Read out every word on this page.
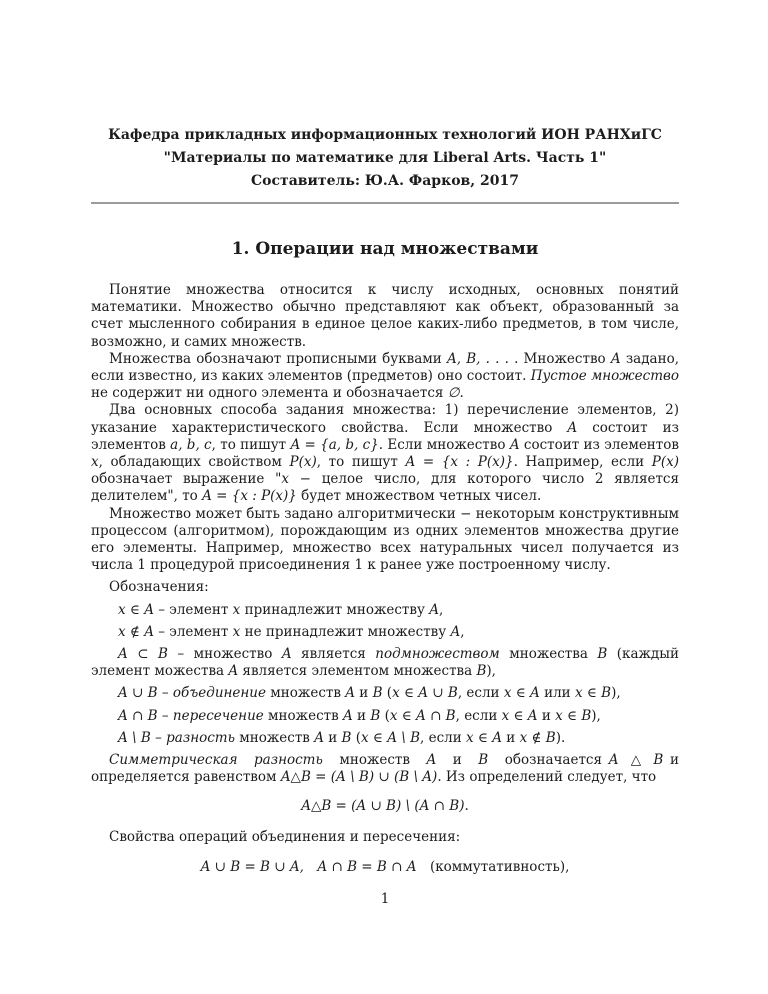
Кафедра прикладных информационных технологий ИОН РАНХиГС
"Материалы по математике для Liberal Arts. Часть 1"
Составитель: Ю.А. Фарков, 2017
1. Операции над множествами

Понятие множества относится к числу исходных, основных понятий математики. Множество обычно представляют как объект, образованный за счет мысленного собирания в единое целое каких-либо предметов, в том числе, возможно, и самих множеств.

Множества обозначают прописными буквами A, B, . . . . Множество A задано, если известно, из каких элементов (предметов) оно состоит. Пустое множество не содержит ни одного элемента и обозначается ∅.

Два основных способа задания множества: 1) перечисление элементов, 2) указание характеристического свойства. Если множество A состоит из элементов a, b, c, то пишут A = {a, b, c}. Если множество A состоит из элементов x, обладающих свойством P(x), то пишут A = {x : P(x)}. Например, если P(x) обозначает выражение "x − целое число, для которого число 2 является делителем", то A = {x : P(x)} будет множеством четных чисел.

Множество может быть задано алгоритмически − некоторым конструктивным процессом (алгоритмом), порождающим из одних элементов множества другие его элементы. Например, множество всех натуральных чисел получается из числа 1 процедурой присоединения 1 к ранее уже построенному числу.

Обозначения:

x ∈ A – элемент x принадлежит множеству A,

x ∉ A – элемент x не принадлежит множеству A,

A ⊂ B – множество A является подмножеством множества B (каждый элемент можества A является элементом множества B),

A ∪ B – объединение множеств A и B (x ∈ A ∪ B, если x ∈ A или x ∈ B),

A ∩ B – пересечение множеств A и B (x ∈ A ∩ B, если x ∈ A и x ∈ B),

A \ B – разность множеств A и B (x ∈ A \ B, если x ∈ A и x ∉ B).

Симметрическая разность множеств A и B обозначается A△B и определяется равенством A△B = (A \ B) ∪ (B \ A). Из определений следует, что

A△B = (A ∪ B) \ (A ∩ B).

Свойства операций объединения и пересечения:

A ∪ B = B ∪ A,  A ∩ B = B ∩ A (коммутативность),
1
